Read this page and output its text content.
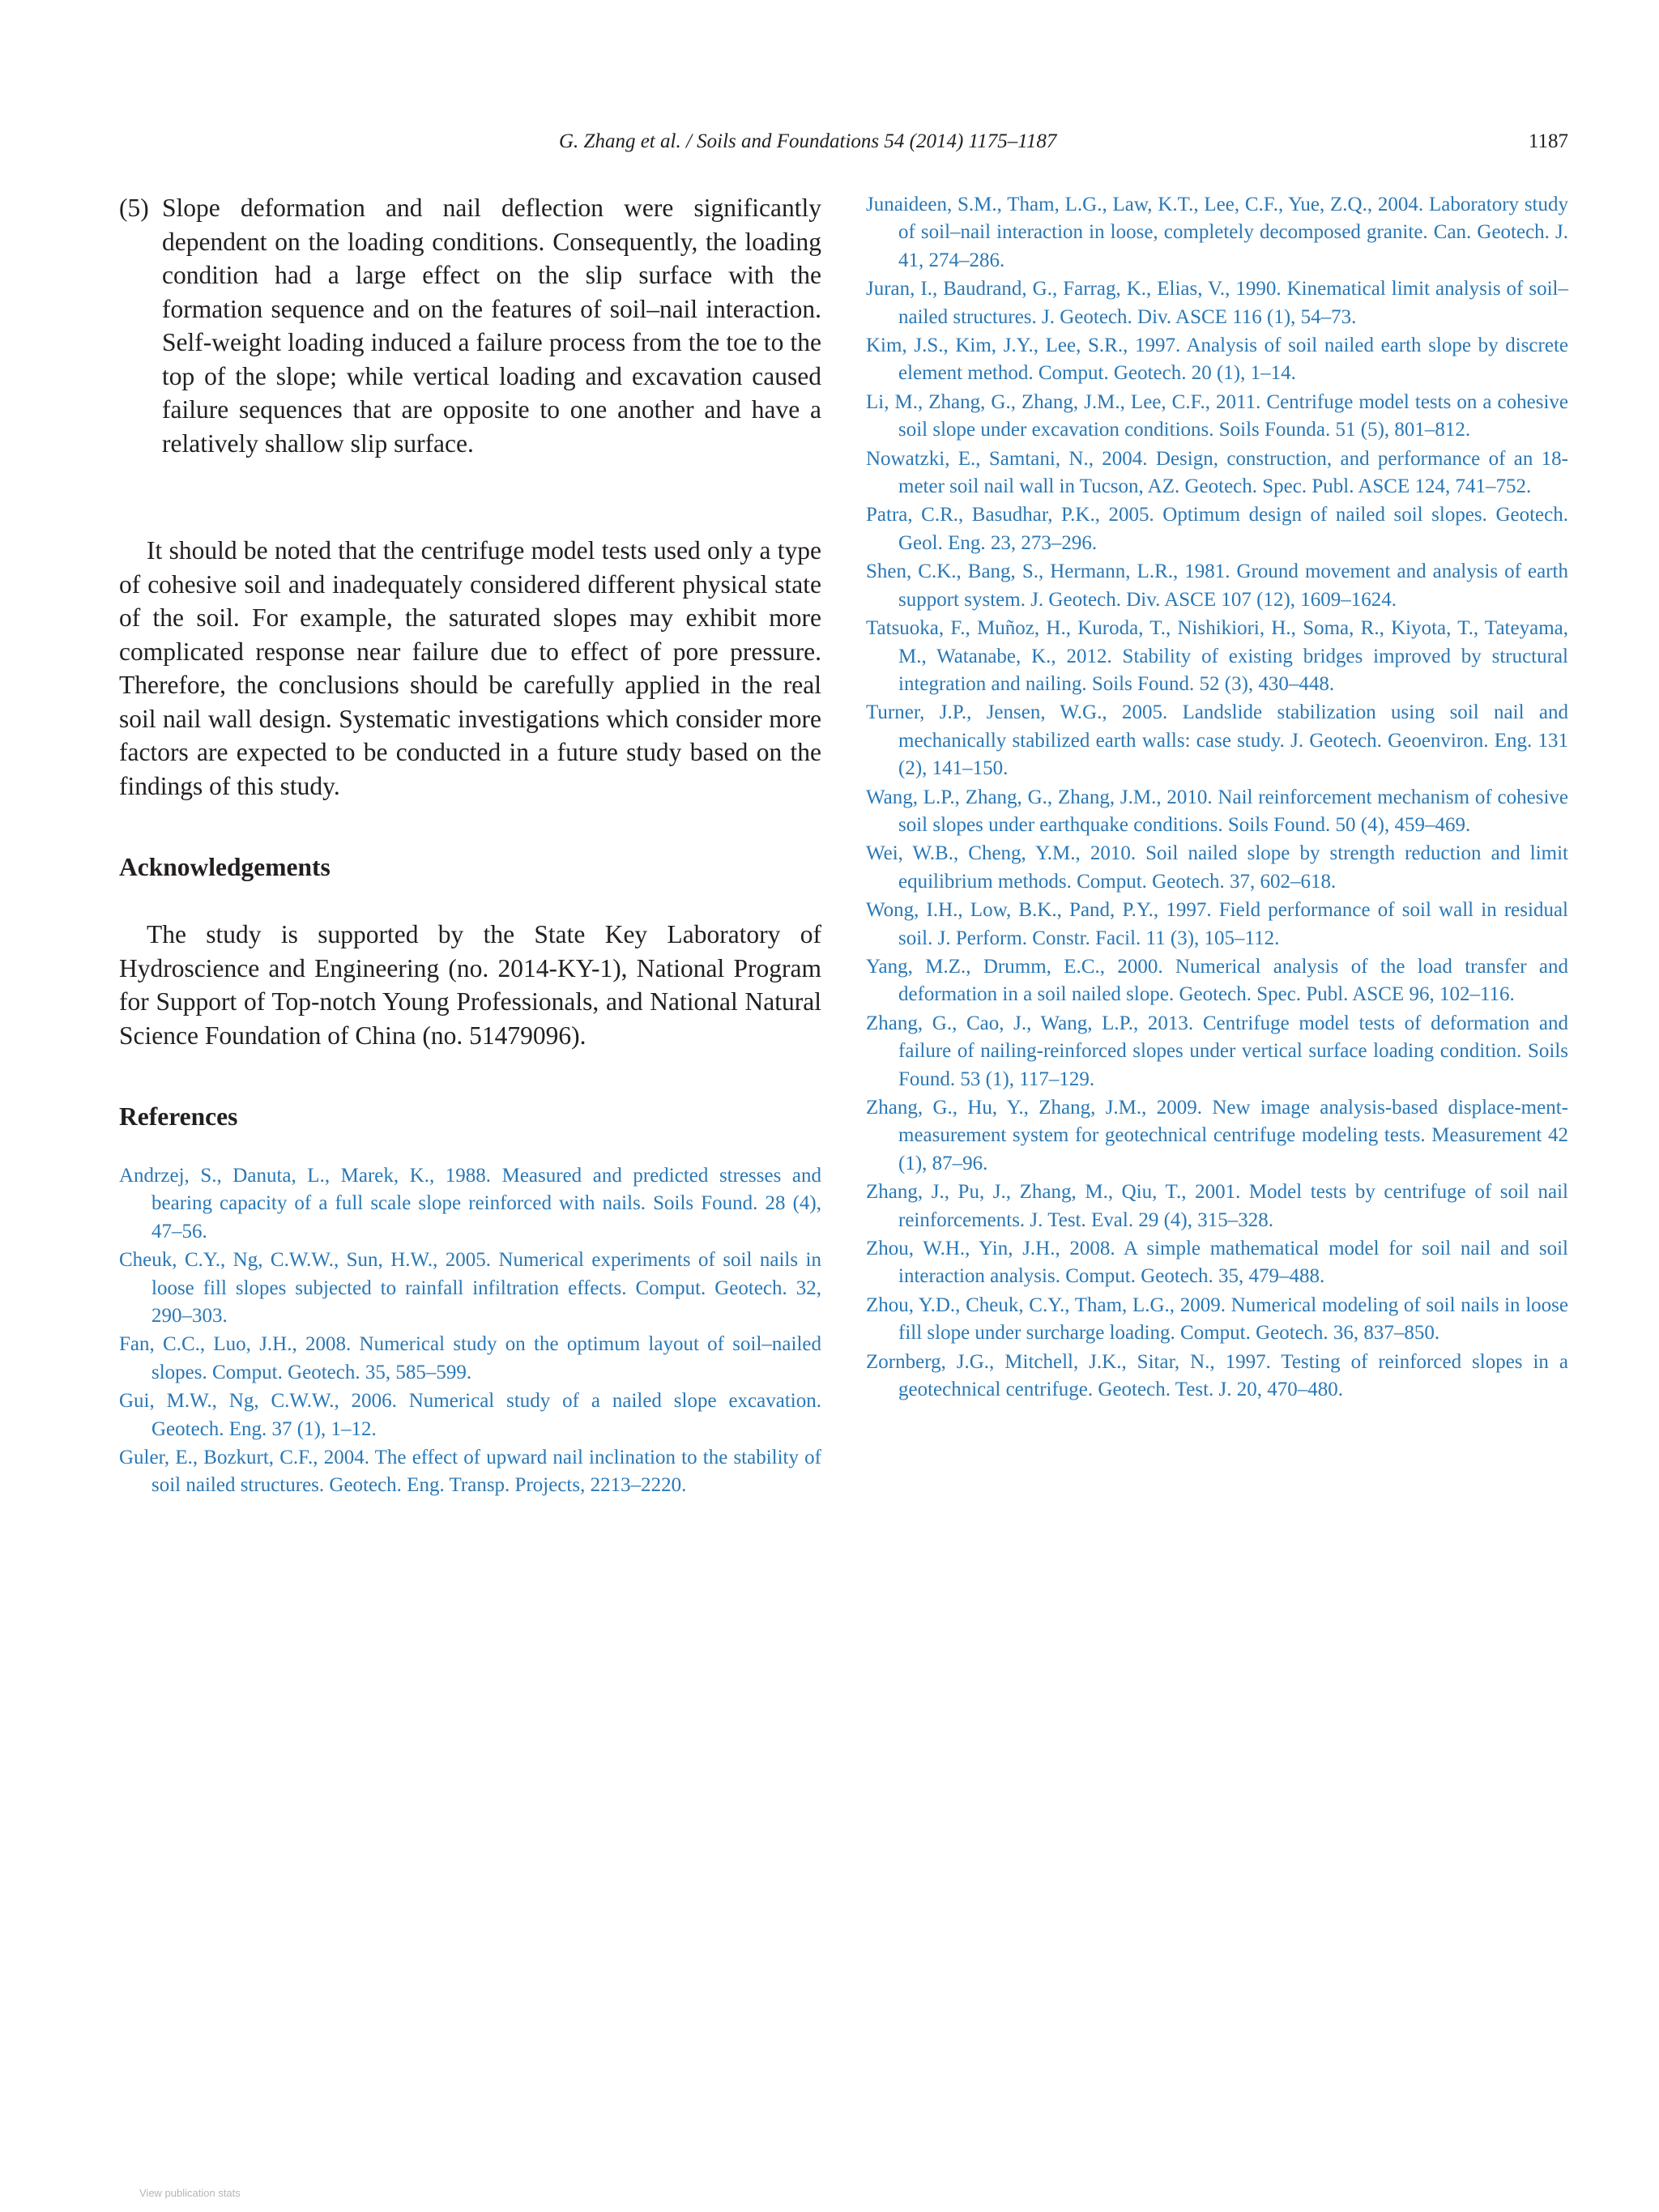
G. Zhang et al. / Soils and Foundations 54 (2014) 1175–1187	1187
(5) Slope deformation and nail deflection were significantly dependent on the loading conditions. Consequently, the loading condition had a large effect on the slip surface with the formation sequence and on the features of soil–nail interaction. Self-weight loading induced a failure process from the toe to the top of the slope; while vertical loading and excavation caused failure sequences that are opposite to one another and have a relatively shallow slip surface.

It should be noted that the centrifuge model tests used only a type of cohesive soil and inadequately considered different physical state of the soil. For example, the saturated slopes may exhibit more complicated response near failure due to effect of pore pressure. Therefore, the conclusions should be carefully applied in the real soil nail wall design. Systematic investigations which consider more factors are expected to be conducted in a future study based on the findings of this study.

Acknowledgements

The study is supported by the State Key Laboratory of Hydroscience and Engineering (no. 2014-KY-1), National Program for Support of Top-notch Young Professionals, and National Natural Science Foundation of China (no. 51479096).

References
Andrzej, S., Danuta, L., Marek, K., 1988. Measured and predicted stresses and bearing capacity of a full scale slope reinforced with nails. Soils Found. 28 (4), 47–56.
Cheuk, C.Y., Ng, C.W.W., Sun, H.W., 2005. Numerical experiments of soil nails in loose fill slopes subjected to rainfall infiltration effects. Comput. Geotech. 32, 290–303.
Fan, C.C., Luo, J.H., 2008. Numerical study on the optimum layout of soil–nailed slopes. Comput. Geotech. 35, 585–599.
Gui, M.W., Ng, C.W.W., 2006. Numerical study of a nailed slope excavation. Geotech. Eng. 37 (1), 1–12.
Guler, E., Bozkurt, C.F., 2004. The effect of upward nail inclination to the stability of soil nailed structures. Geotech. Eng. Transp. Projects, 2213–2220.
Junaideen, S.M., Tham, L.G., Law, K.T., Lee, C.F., Yue, Z.Q., 2004. Laboratory study of soil–nail interaction in loose, completely decomposed granite. Can. Geotech. J. 41, 274–286.
Juran, I., Baudrand, G., Farrag, K., Elias, V., 1990. Kinematical limit analysis of soil–nailed structures. J. Geotech. Div. ASCE 116 (1), 54–73.
Kim, J.S., Kim, J.Y., Lee, S.R., 1997. Analysis of soil nailed earth slope by discrete element method. Comput. Geotech. 20 (1), 1–14.
Li, M., Zhang, G., Zhang, J.M., Lee, C.F., 2011. Centrifuge model tests on a cohesive soil slope under excavation conditions. Soils Founda. 51 (5), 801–812.
Nowatzki, E., Samtani, N., 2004. Design, construction, and performance of an 18-meter soil nail wall in Tucson, AZ. Geotech. Spec. Publ. ASCE 124, 741–752.
Patra, C.R., Basudhar, P.K., 2005. Optimum design of nailed soil slopes. Geotech. Geol. Eng. 23, 273–296.
Shen, C.K., Bang, S., Hermann, L.R., 1981. Ground movement and analysis of earth support system. J. Geotech. Div. ASCE 107 (12), 1609–1624.
Tatsuoka, F., Muñoz, H., Kuroda, T., Nishikiori, H., Soma, R., Kiyota, T., Tateyama, M., Watanabe, K., 2012. Stability of existing bridges improved by structural integration and nailing. Soils Found. 52 (3), 430–448.
Turner, J.P., Jensen, W.G., 2005. Landslide stabilization using soil nail and mechanically stabilized earth walls: case study. J. Geotech. Geoenviron. Eng. 131 (2), 141–150.
Wang, L.P., Zhang, G., Zhang, J.M., 2010. Nail reinforcement mechanism of cohesive soil slopes under earthquake conditions. Soils Found. 50 (4), 459–469.
Wei, W.B., Cheng, Y.M., 2010. Soil nailed slope by strength reduction and limit equilibrium methods. Comput. Geotech. 37, 602–618.
Wong, I.H., Low, B.K., Pand, P.Y., 1997. Field performance of soil wall in residual soil. J. Perform. Constr. Facil. 11 (3), 105–112.
Yang, M.Z., Drumm, E.C., 2000. Numerical analysis of the load transfer and deformation in a soil nailed slope. Geotech. Spec. Publ. ASCE 96, 102–116.
Zhang, G., Cao, J., Wang, L.P., 2013. Centrifuge model tests of deformation and failure of nailing-reinforced slopes under vertical surface loading condition. Soils Found. 53 (1), 117–129.
Zhang, G., Hu, Y., Zhang, J.M., 2009. New image analysis-based displace-ment-measurement system for geotechnical centrifuge modeling tests. Measurement 42 (1), 87–96.
Zhang, J., Pu, J., Zhang, M., Qiu, T., 2001. Model tests by centrifuge of soil nail reinforcements. J. Test. Eval. 29 (4), 315–328.
Zhou, W.H., Yin, J.H., 2008. A simple mathematical model for soil nail and soil interaction analysis. Comput. Geotech. 35, 479–488.
Zhou, Y.D., Cheuk, C.Y., Tham, L.G., 2009. Numerical modeling of soil nails in loose fill slope under surcharge loading. Comput. Geotech. 36, 837–850.
Zornberg, J.G., Mitchell, J.K., Sitar, N., 1997. Testing of reinforced slopes in a geotechnical centrifuge. Geotech. Test. J. 20, 470–480.
View publication stats
